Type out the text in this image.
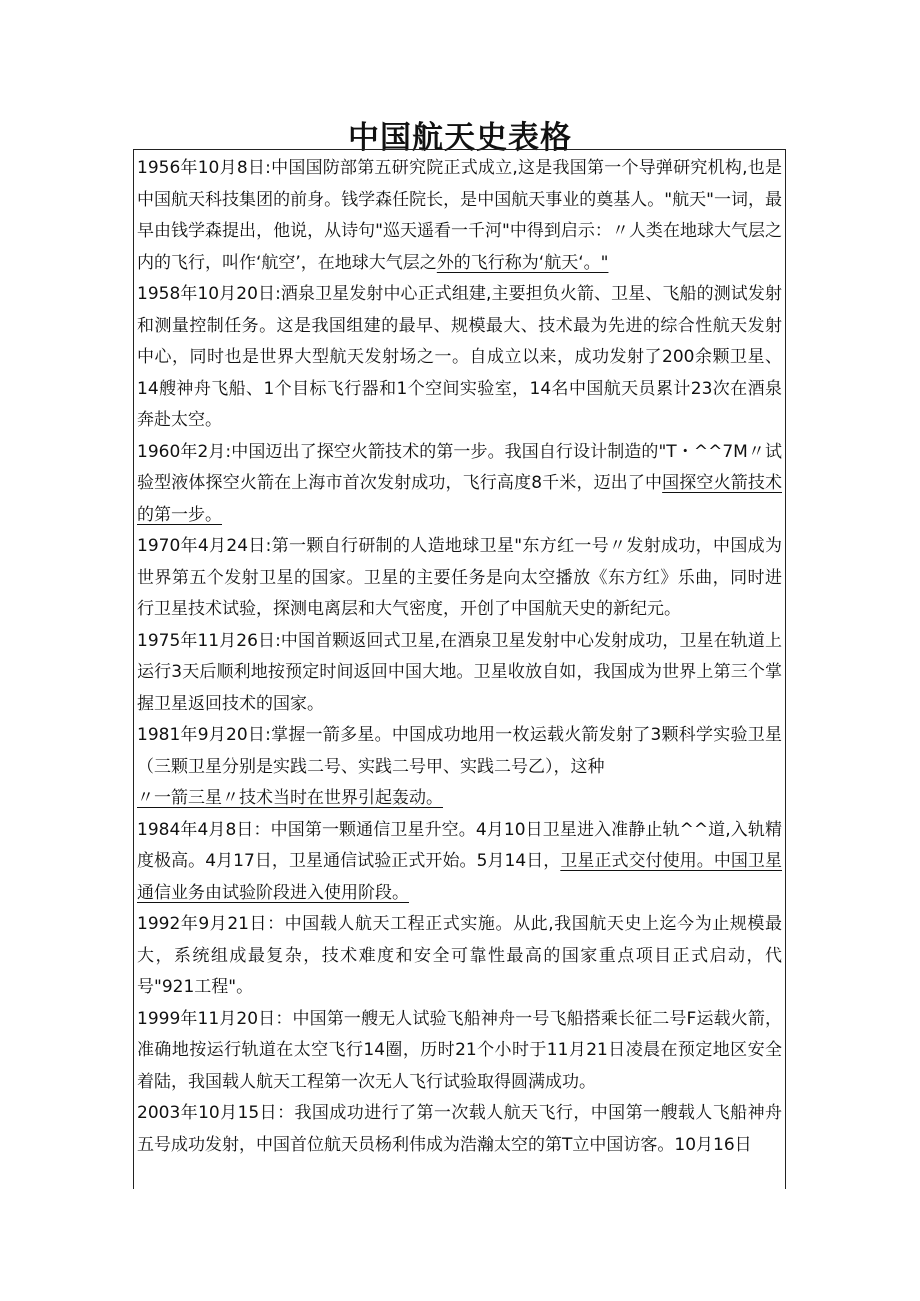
中国航天史表格

1956年10月8日:中国国防部第五研究院正式成立,这是我国第一个导弹研究机构,也是中国航天科技集团的前身。钱学森任院长，是中国航天事业的奠基人。"航天"一词，最早由钱学森提出，他说，从诗句"巡天遥看一千河"中得到启示：〃人类在地球大气层之内的飞行，叫作‘航空’，在地球大气层之外的飞行称为‘航天‘。"

1958年10月20日:酒泉卫星发射中心正式组建,主要担负火箭、卫星、飞船的测试发射和测量控制任务。这是我国组建的最早、规模最大、技术最为先进的综合性航天发射中心，同时也是世界大型航天发射场之一。自成立以来，成功发射了200余颗卫星、14艘神舟飞船、1个目标飞行器和1个空间实验室，14名中国航天员累计23次在酒泉奔赴太空。

1960年2月:中国迈出了探空火箭技术的第一步。我国自行设计制造的"T・^^7M〃试验型液体探空火箭在上海市首次发射成功，飞行高度8千米，迈出了中国探空火箭技术的第一步。

1970年4月24日:第一颗自行研制的人造地球卫星"东方红一号〃发射成功，中国成为世界第五个发射卫星的国家。卫星的主要任务是向太空播放《东方红》乐曲，同时进行卫星技术试验，探测电离层和大气密度，开创了中国航天史的新纪元。

1975年11月26日:中国首颗返回式卫星,在酒泉卫星发射中心发射成功，卫星在轨道上运行3天后顺利地按预定时间返回中国大地。卫星收放自如，我国成为世界上第三个掌握卫星返回技术的国家。

1981年9月20日:掌握一箭多星。中国成功地用一枚运载火箭发射了3颗科学实验卫星（三颗卫星分别是实践二号、实践二号甲、实践二号乙），这种
〃一箭三星〃技术当时在世界引起轰动。

1984年4月8日：中国第一颗通信卫星升空。4月10日卫星进入准静止轨^^道,入轨精度极高。4月17日，卫星通信试验正式开始。5月14日，卫星正式交付使用。中国卫星通信业务由试验阶段进入使用阶段。

1992年9月21日：中国载人航天工程正式实施。从此,我国航天史上迄今为止规模最大，系统组成最复杂，技术难度和安全可靠性最高的国家重点项目正式启动，代号"921工程"。

1999年11月20日：中国第一艘无人试验飞船神舟一号飞船搭乘长征二号F运载火箭，准确地按运行轨道在太空飞行14圈，历时21个小时于11月21日凌晨在预定地区安全着陆，我国载人航天工程第一次无人飞行试验取得圆满成功。

2003年10月15日：我国成功进行了第一次载人航天飞行，中国第一艘载人飞船神舟五号成功发射，中国首位航天员杨利伟成为浩瀚太空的第T立中国访客。10月16日
